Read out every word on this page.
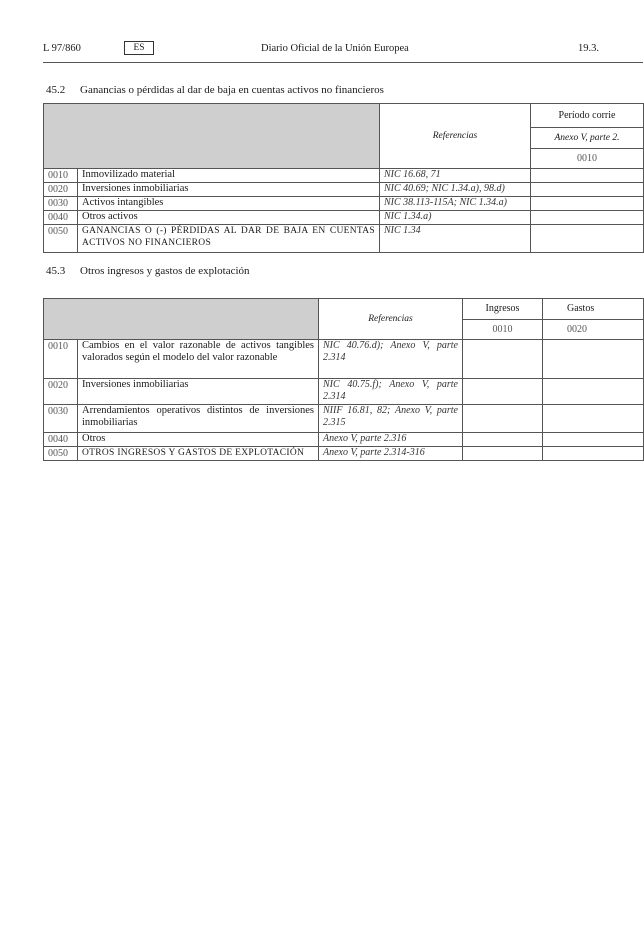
L 97/860	ES	Diario Oficial de la Unión Europea	19.3.
45.2 Ganancias o pérdidas al dar de baja en cuentas activos no financieros
		Referencias	Período corrie
			Anexo V, parte 2.
			0010
0010	Inmovilizado material	NIC 16.68, 71	
0020	Inversiones inmobiliarias	NIC 40.69; NIC 1.34.a), 98.d)	
0030	Activos intangibles	NIC 38.113-115A; NIC 1.34.a)	
0040	Otros activos	NIC 1.34.a)	
0050	GANANCIAS O (-) PÉRDIDAS AL DAR DE BAJA EN CUENTAS ACTIVOS NO FINANCIEROS	NIC 1.34	
45.3 Otros ingresos y gastos de explotación
		Referencias	Ingresos	Gastos
			0010	0020
0010	Cambios en el valor razonable de activos tangibles valorados según el modelo del valor razonable	NIC 40.76.d); Anexo V, parte 2.314		
0020	Inversiones inmobiliarias	NIC 40.75.f); Anexo V, parte 2.314		
0030	Arrendamientos operativos distintos de inversiones inmobiliarias	NIIF 16.81, 82; Anexo V, parte 2.315		
0040	Otros	Anexo V, parte 2.316		
0050	OTROS INGRESOS Y GASTOS DE EXPLOTACIÓN	Anexo V, parte 2.314-316		
